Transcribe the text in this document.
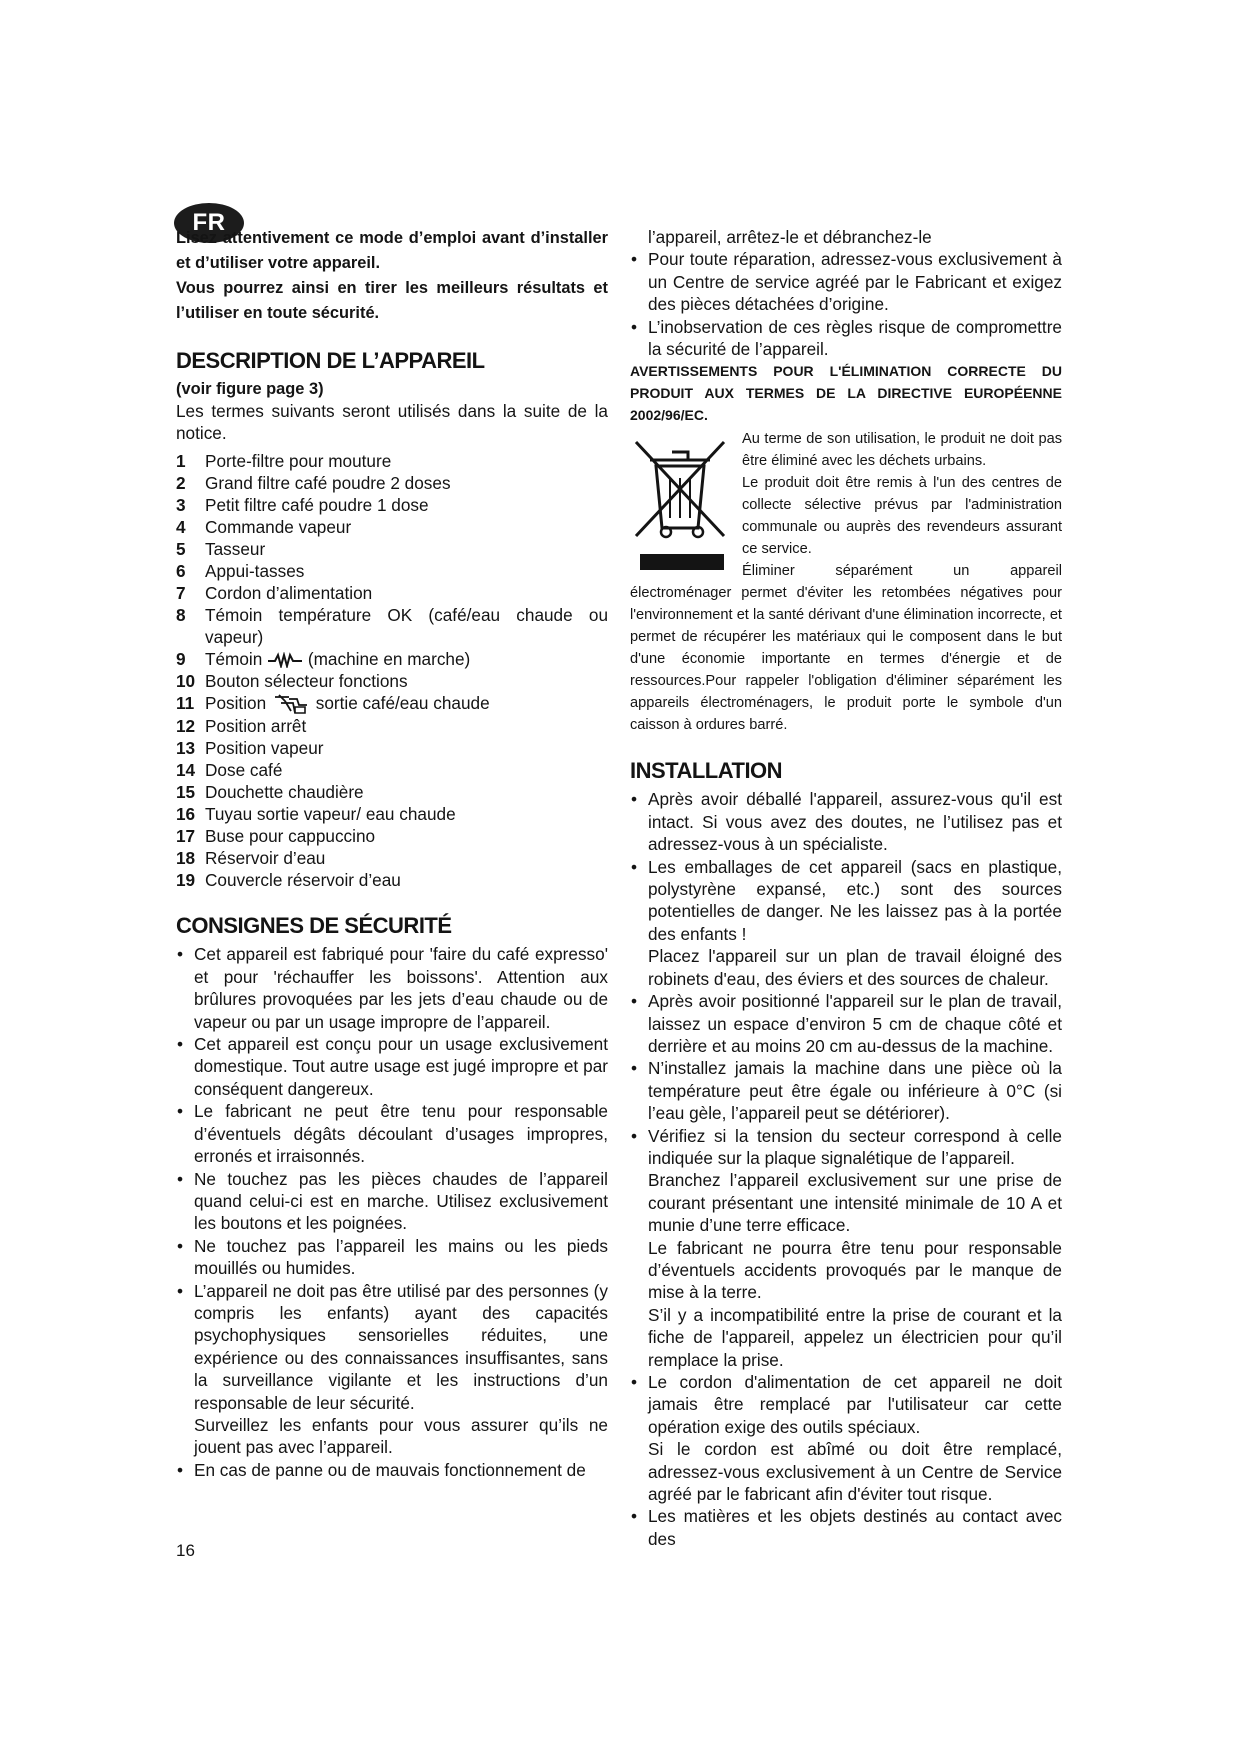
FR

Lisez attentivement ce mode d’emploi avant d’installer et d’utiliser votre appareil.

Vous pourrez ainsi en tirer les meilleurs résultats et l’utiliser en toute sécurité.

DESCRIPTION DE L’APPAREIL

(voir figure page 3)

Les termes suivants seront utilisés dans la suite de la notice.

1	Porte-filtre pour mouture
2	Grand filtre café poudre 2 doses
3	Petit filtre café poudre 1 dose
4	Commande vapeur
5	Tasseur
6	Appui-tasses
7	Cordon d’alimentation
8	Témoin température OK (café/eau chaude ou vapeur)
9	Témoin	(machine en marche)
10 Bouton sélecteur fonctions
11 Position	sortie café/eau chaude
12 Position arrêt
13 Position vapeur
14 Dose café
15 Douchette chaudière
16 Tuyau sortie vapeur/ eau chaude
17 Buse pour cappuccino
18 Réservoir d’eau
19 Couvercle réservoir d’eau
CONSIGNES DE SÉCURITÉ
• Cet appareil est fabriqué pour 'faire du café expresso' et pour 'réchauffer les boissons'. Attention aux brûlures provoquées par les jets d’eau chaude ou de vapeur ou par un usage impropre de l’appareil.
• Cet appareil est conçu pour un usage exclusivement domestique. Tout autre usage est jugé impropre et par conséquent dangereux.
• Le fabricant ne peut être tenu pour responsable d’éventuels dégâts découlant d’usages impropres, erronés et irraisonnés.
• Ne touchez pas les pièces chaudes de l’appareil quand celui-ci est en marche. Utilisez exclusivement les boutons et les poignées.
• Ne touchez pas l’appareil les mains ou les pieds mouillés ou humides.
• L’appareil ne doit pas être utilisé par des personnes (y compris les enfants) ayant des capacités psychophysiques sensorielles réduites, une expérience ou des connaissances insuffisantes, sans la surveillance vigilante et les instructions d’un responsable de leur sécurité.
Surveillez les enfants pour vous assurer qu’ils ne jouent pas avec l’appareil.
• En cas de panne ou de mauvais fonctionnement de

l’appareil, arrêtez-le et débranchez-le

• Pour toute réparation, adressez-vous exclusivement à un Centre de service agréé par le Fabricant et exigez des pièces détachées d’origine.
• L’inobservation de ces règles risque de compromettre la sécurité de l’appareil.

AVERTISSEMENTS POUR L'ÉLIMINATION CORRECTE DU PRODUIT AUX TERMES DE LA DIRECTIVE EUROPÉENNE 2002/96/EC.

Au terme de son utilisation, le produit ne doit pas être éliminé avec les déchets urbains.

Le produit doit être remis à l'un des centres de collecte sélective prévus par l'administration communale ou auprès des revendeurs assurant ce service.

Éliminer séparément un appareil

électroménager permet d'éviter les retombées négatives pour l'environnement et la santé dérivant d'une élimination incorrecte, et permet de récupérer les matériaux qui le composent dans le but d'une économie importante en termes d'énergie et de ressources.Pour rappeler l'obligation d'éliminer séparément les appareils électroménagers, le produit porte le symbole d'un caisson à ordures barré.

INSTALLATION
• Après avoir déballé l'appareil, assurez-vous qu'il est intact. Si vous avez des doutes, ne l’utilisez pas et adressez-vous à un spécialiste.
• Les emballages de cet appareil (sacs en plastique, polystyrène expansé, etc.) sont des sources potentielles de danger. Ne les laissez pas à la portée des enfants !
Placez l'appareil sur un plan de travail éloigné des robinets d'eau, des éviers et des sources de chaleur.
• Après avoir positionné l'appareil sur le plan de travail, laissez un espace d’environ 5 cm de chaque côté et derrière et au moins 20 cm au-dessus de la machine.
• N’installez jamais la machine dans une pièce où la température peut être égale ou inférieure à 0°C (si l’eau gèle, l’appareil peut se détériorer).
• Vérifiez si la tension du secteur correspond à celle indiquée sur la plaque signalétique de l’appareil.
Branchez l’appareil exclusivement sur une prise de courant présentant une intensité minimale de 10 A et munie d’une terre efficace.
Le fabricant ne pourra être tenu pour responsable d’éventuels accidents provoqués par le manque de mise à la terre.
S’il y a incompatibilité entre la prise de courant et la fiche de l'appareil, appelez un électricien pour qu’il remplace la prise.
• Le cordon d'alimentation de cet appareil ne doit jamais être remplacé par l'utilisateur car cette opération exige des outils spéciaux.
Si le cordon est abîmé ou doit être remplacé, adressez-vous exclusivement à un Centre de Service agréé par le fabricant afin d'éviter tout risque.
• Les matières et les objets destinés au contact avec des
16
